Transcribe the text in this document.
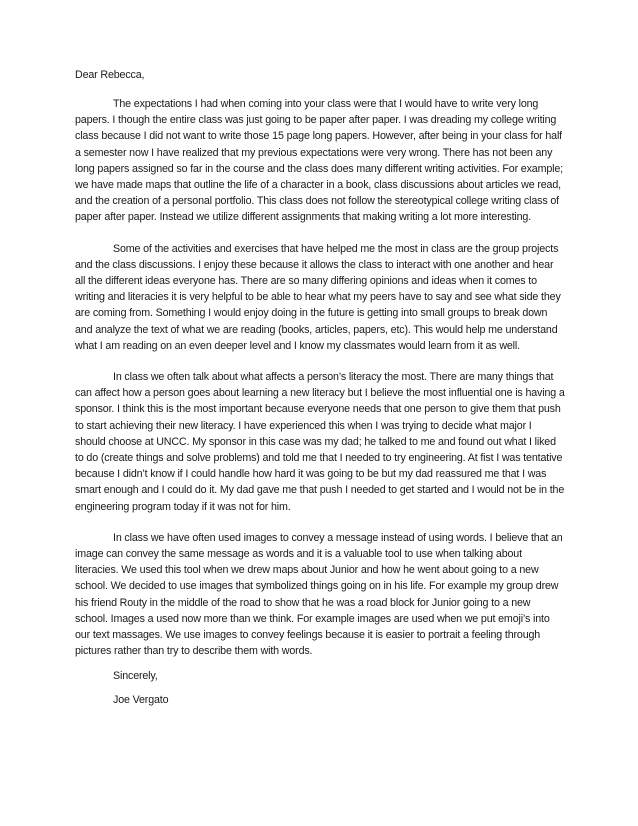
Dear Rebecca,

The expectations I had when coming into your class were that I would have to write very long papers. I though the entire class was just going to be paper after paper. I was dreading my college writing class because I did not want to write those 15 page long papers. However, after being in your class for half a semester now I have realized that my previous expectations were very wrong. There has not been any long papers assigned so far in the course and the class does many different writing activities. For example; we have made maps that outline the life of a character in a book, class discussions about articles we read, and the creation of a personal portfolio. This class does not follow the stereotypical college writing class of paper after paper. Instead we utilize different assignments that making writing a lot more interesting.

Some of the activities and exercises that have helped me the most in class are the group projects and the class discussions. I enjoy these because it allows the class to interact with one another and hear all the different ideas everyone has. There are so many differing opinions and ideas when it comes to writing and literacies it is very helpful to be able to hear what my peers have to say and see what side they are coming from. Something I would enjoy doing in the future is getting into small groups to break down and analyze the text of what we are reading (books, articles, papers, etc). This would help me understand what I am reading on an even deeper level and I know my classmates would learn from it as well.

In class we often talk about what affects a person’s literacy the most. There are many things that can affect how a person goes about learning a new literacy but I believe the most influential one is having a sponsor. I think this is the most important because everyone needs that one person to give them that push to start achieving their new literacy. I have experienced this when I was trying to decide what major I should choose at UNCC. My sponsor in this case was my dad; he talked to me and found out what I liked to do (create things and solve problems) and told me that I needed to try engineering. At fist I was tentative because I didn’t know if I could handle how hard it was going to be but my dad reassured me that I was smart enough and I could do it. My dad gave me that push I needed to get started and I would not be in the engineering program today if it was not for him.

In class we have often used images to convey a message instead of using words. I believe that an image can convey the same message as words and it is a valuable tool to use when talking about literacies. We used this tool when we drew maps about Junior and how he went about going to a new school. We decided to use images that symbolized things going on in his life. For example my group drew his friend Routy in the middle of the road to show that he was a road block for Junior going to a new school. Images a used now more than we think. For example images are used when we put emoji’s into our text massages. We use images to convey feelings because it is easier to portrait a feeling through pictures rather than try to describe them with words.

Sincerely,

Joe Vergato
